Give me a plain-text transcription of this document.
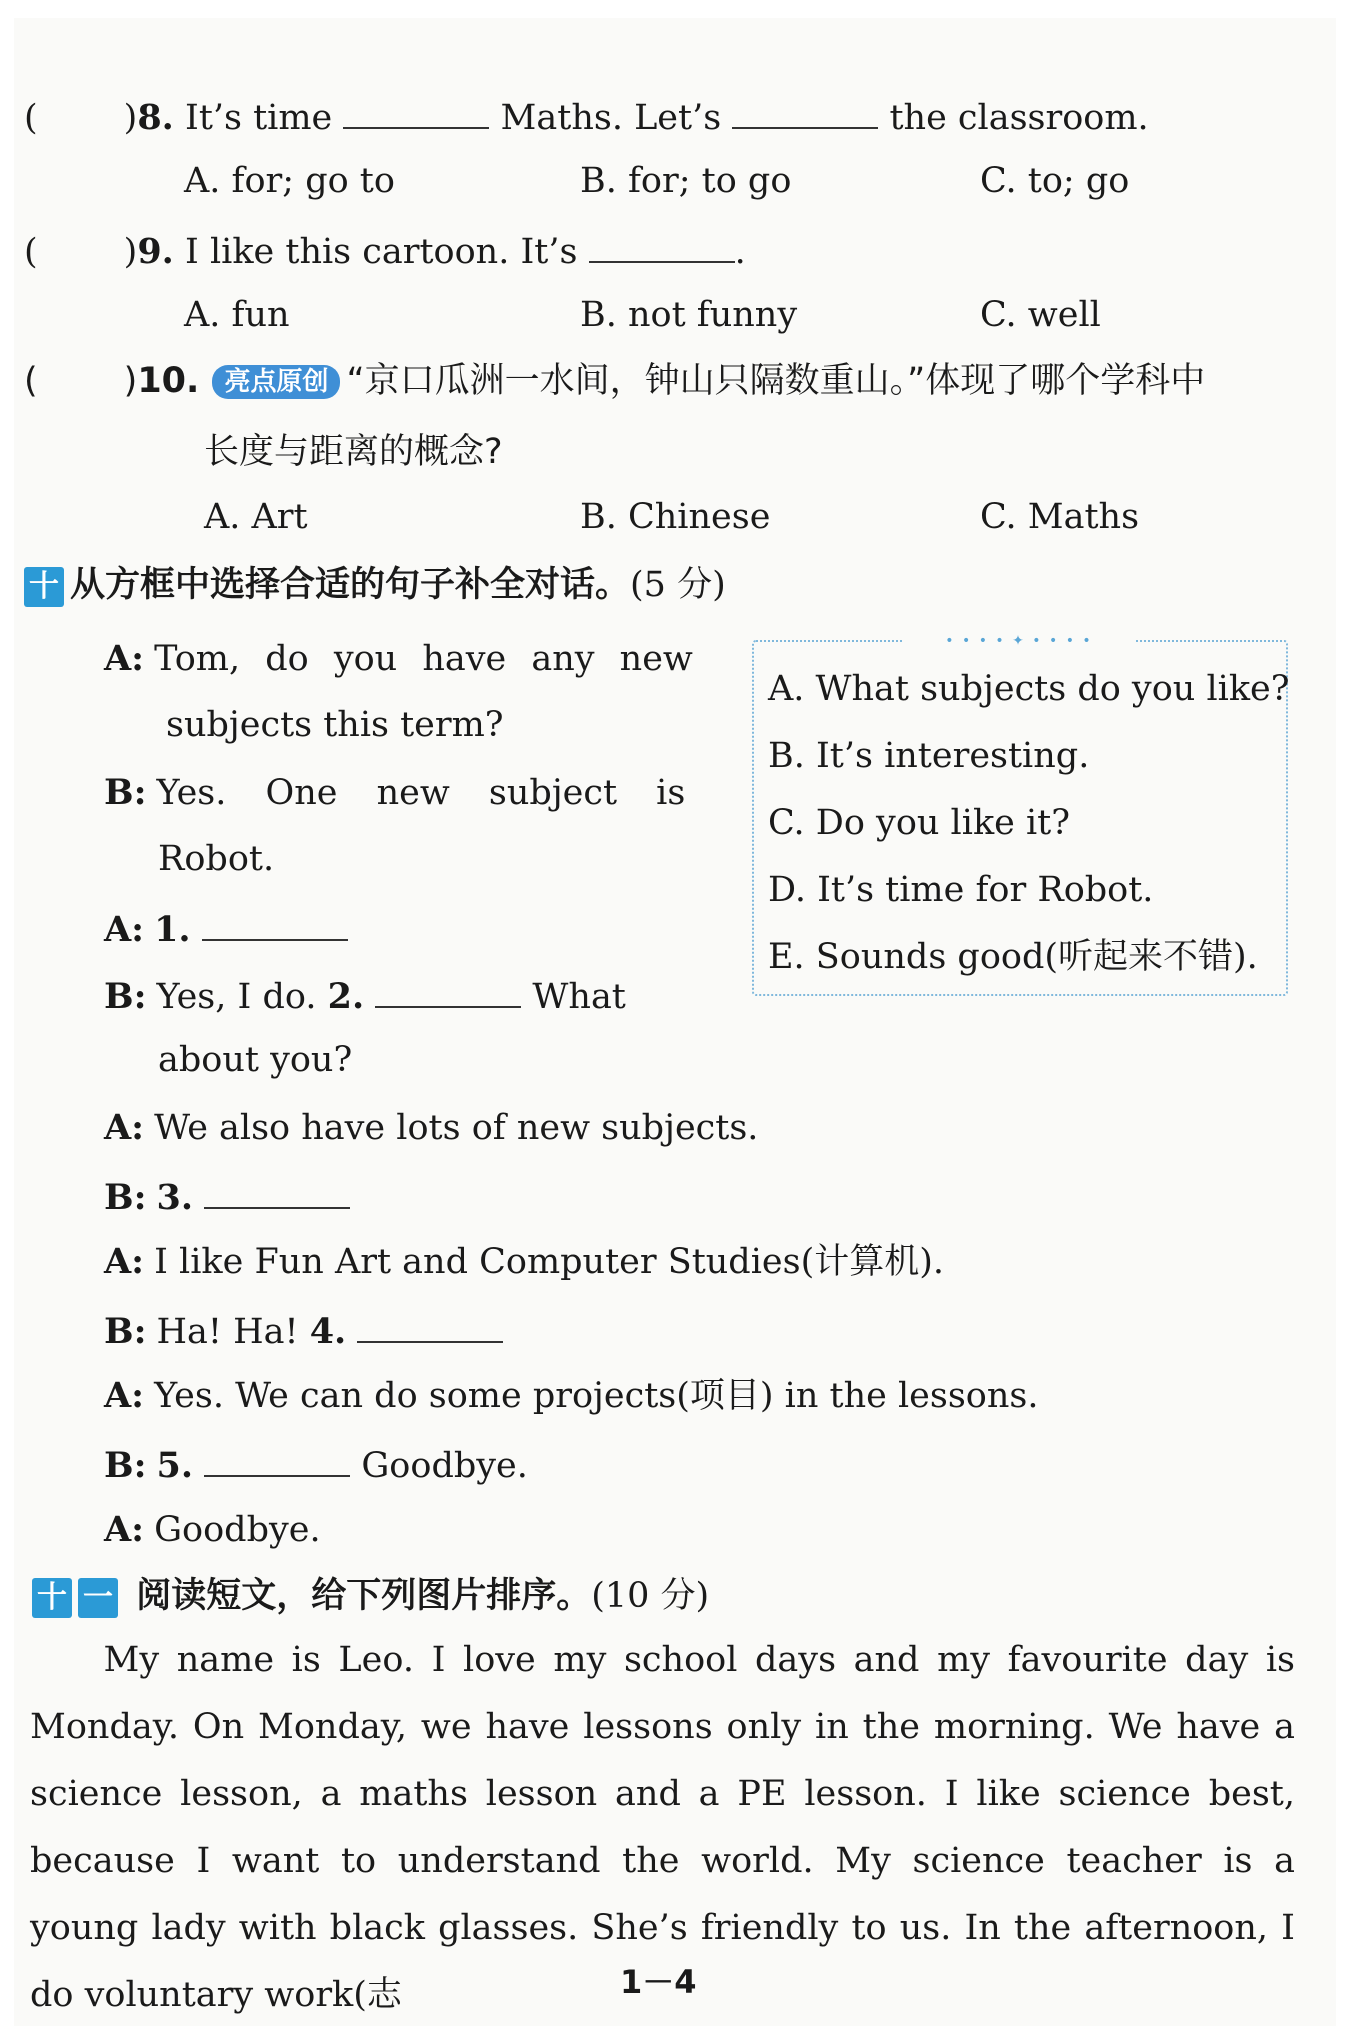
( )8. It’s time	Maths. Let’s	the classroom.
A. for; go to	B. for; to go	C. to; go
( )9. I like this cartoon. It’s	.
A. fun	B. not funny	C. well
( )10. 亮点原创 “京口瓜洲一水间，钟山只隔数重山。”体现了哪个学科中
长度与距离的概念?
A. Art	B. Chinese	C. Maths
十 从方框中选择合适的句子补全对话。(5 分)
A: Tom, do you have any new
subjects this term?
B: Yes. One new subject is
Robot.
A: 1.
B: Yes, I do. 2.	What
about you?
A: We also have lots of new subjects.
B: 3.
A: I like Fun Art and Computer Studies(计算机).
B: Ha! Ha! 4.
A: Yes. We can do some projects(项目) in the lessons.
B: 5.	Goodbye.
A: Goodbye.
• • • • ✦ • • • •
A. What subjects do you like?
B. It’s interesting.
C. Do you like it?
D. It’s time for Robot.
E. Sounds good(听起来不错).
十 一 阅读短文，给下列图片排序。(10 分)

My name is Leo. I love my school days and my favourite day is Monday. On Monday, we have lessons only in the morning. We have a science lesson, a maths lesson and a PE lesson. I like science best, because I want to understand the world. My science teacher is a young lady with black glasses. She’s friendly to us. In the afternoon, I do voluntary work(志	1－4
